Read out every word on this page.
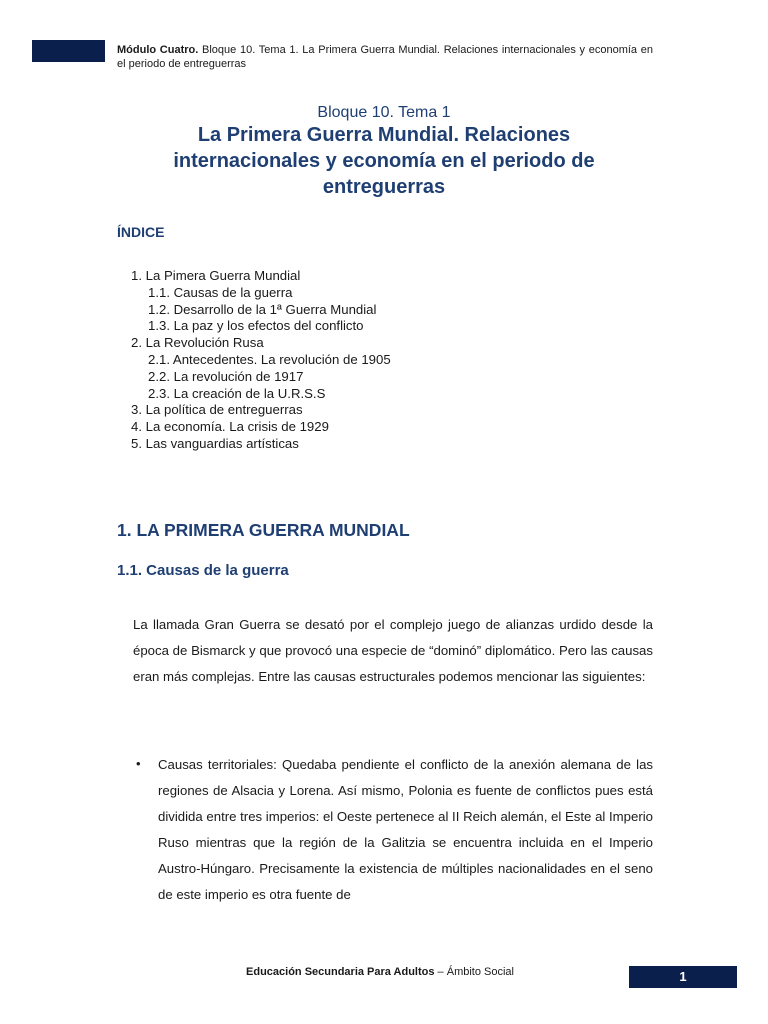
Módulo Cuatro. Bloque 10. Tema 1. La Primera Guerra Mundial. Relaciones internacionales y economía en el periodo de entreguerras
Bloque 10. Tema 1
La Primera Guerra Mundial. Relaciones internacionales y economía en el periodo de entreguerras
ÍNDICE
1. La Pimera Guerra Mundial
1.1. Causas de la guerra
1.2. Desarrollo de la 1ª Guerra Mundial
1.3. La paz y los efectos del conflicto
2. La Revolución Rusa
2.1. Antecedentes. La revolución de 1905
2.2. La revolución de 1917
2.3. La creación de la U.R.S.S
3. La política de entreguerras
4. La economía. La crisis de 1929
5. Las vanguardias artísticas
1. LA PRIMERA GUERRA MUNDIAL
1.1. Causas de la guerra
La llamada Gran Guerra se desató por el complejo juego de alianzas urdido desde la época de Bismarck y que provocó una especie de “dominó” diplomático. Pero las causas eran más complejas. Entre las causas estructurales podemos mencionar las siguientes:
• Causas territoriales: Quedaba pendiente el conflicto de la anexión alemana de las regiones de Alsacia y Lorena. Así mismo, Polonia es fuente de conflictos pues está dividida entre tres imperios: el Oeste pertenece al II Reich alemán, el Este al Imperio Ruso mientras que la región de la Galitzia se encuentra incluida en el Imperio Austro-Húngaro. Precisamente la existencia de múltiples nacionalidades en el seno de este imperio es otra fuente de
Educación Secundaria Para Adultos – Ámbito Social	1
